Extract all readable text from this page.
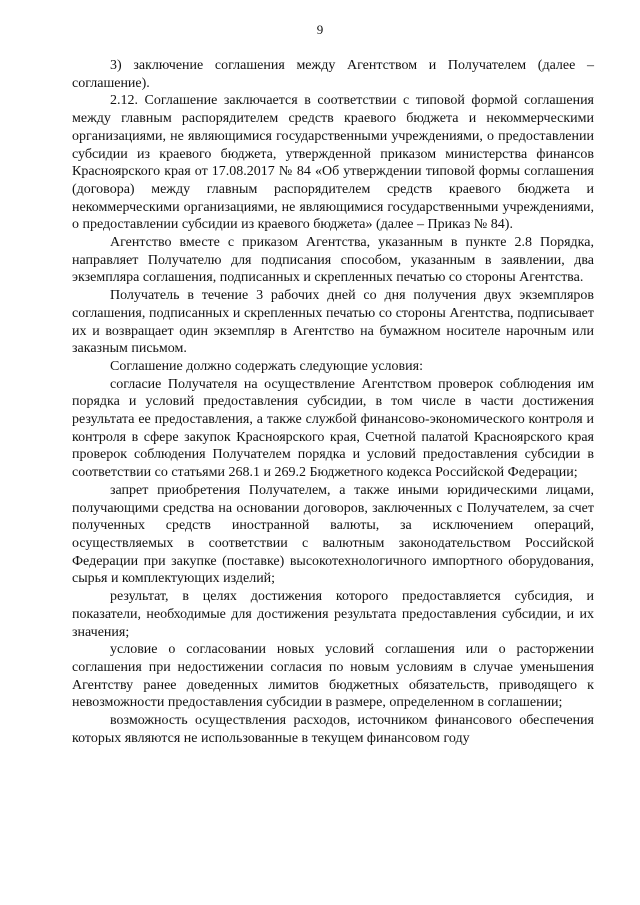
9

3) заключение соглашения между Агентством и Получателем (далее – соглашение).

2.12. Соглашение заключается в соответствии с типовой формой соглашения между главным распорядителем средств краевого бюджета и некоммерческими организациями, не являющимися государственными учреждениями, о предоставлении субсидии из краевого бюджета, утвержденной приказом министерства финансов Красноярского края от 17.08.2017 № 84 «Об утверждении типовой формы соглашения (договора) между главным распорядителем средств краевого бюджета и некоммерческими организациями, не являющимися государственными учреждениями, о предоставлении субсидии из краевого бюджета» (далее – Приказ № 84).

Агентство вместе с приказом Агентства, указанным в пункте 2.8 Порядка, направляет Получателю для подписания способом, указанным в заявлении, два экземпляра соглашения, подписанных и скрепленных печатью со стороны Агентства.

Получатель в течение 3 рабочих дней со дня получения двух экземпляров соглашения, подписанных и скрепленных печатью со стороны Агентства, подписывает их и возвращает один экземпляр в Агентство на бумажном носителе нарочным или заказным письмом.

Соглашение должно содержать следующие условия:

согласие Получателя на осуществление Агентством проверок соблюдения им порядка и условий предоставления субсидии, в том числе в части достижения результата ее предоставления, а также службой финансово-экономического контроля и контроля в сфере закупок Красноярского края, Счетной палатой Красноярского края проверок соблюдения Получателем порядка и условий предоставления субсидии в соответствии со статьями 268.1 и 269.2 Бюджетного кодекса Российской Федерации;

запрет приобретения Получателем, а также иными юридическими лицами, получающими средства на основании договоров, заключенных с Получателем, за счет полученных средств иностранной валюты, за исключением операций, осуществляемых в соответствии с валютным законодательством Российской Федерации при закупке (поставке) высокотехнологичного импортного оборудования, сырья и комплектующих изделий;

результат, в целях достижения которого предоставляется субсидия, и показатели, необходимые для достижения результата предоставления субсидии, и их значения;

условие о согласовании новых условий соглашения или о расторжении соглашения при недостижении согласия по новым условиям в случае уменьшения Агентству ранее доведенных лимитов бюджетных обязательств, приводящего к невозможности предоставления субсидии в размере, определенном в соглашении;

возможность осуществления расходов, источником финансового обеспечения которых являются не использованные в текущем финансовом году
